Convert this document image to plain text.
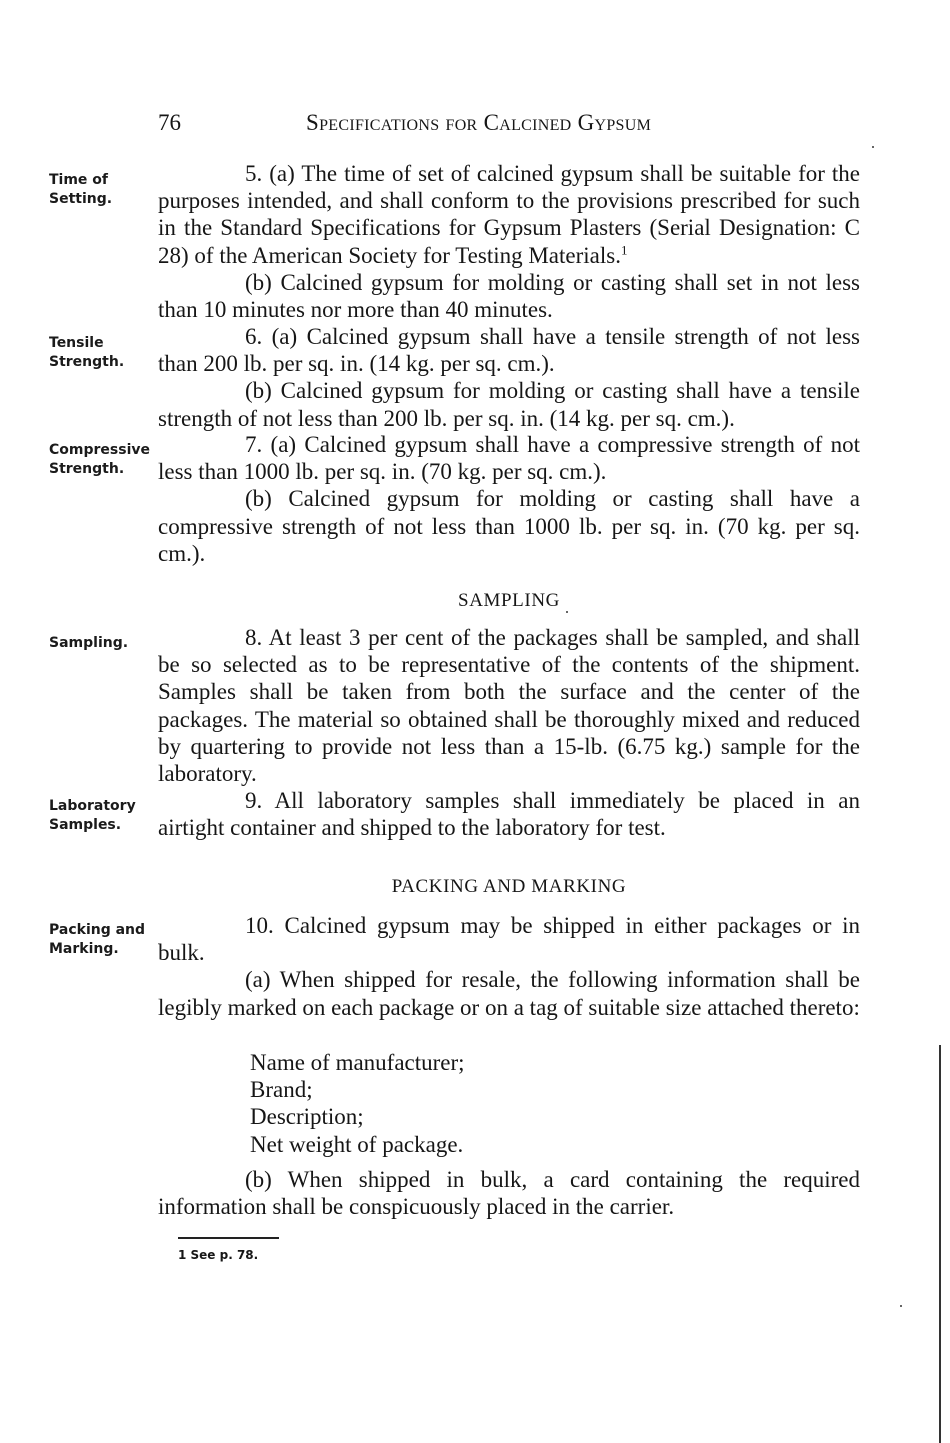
76	Specifications for Calcined Gypsum
Time of
Setting.
Tensile
Strength.
Compressive
Strength.
Sampling.
Laboratory
Samples.
Packing and
Marking.

5. (a) The time of set of calcined gypsum shall be suitable for the purposes intended, and shall conform to the provisions prescribed for such in the Standard Specifications for Gypsum Plasters (Serial Designation: C 28) of the American Society for Testing Materials.$^1$

(b) Calcined gypsum for molding or casting shall set in not less than 10 minutes nor more than 40 minutes.

6. (a) Calcined gypsum shall have a tensile strength of not less than 200 lb. per sq. in. (14 kg. per sq. cm.).

(b) Calcined gypsum for molding or casting shall have a tensile strength of not less than 200 lb. per sq. in. (14 kg. per sq. cm.).

7. (a) Calcined gypsum shall have a compressive strength of not less than 1000 lb. per sq. in. (70 kg. per sq. cm.).

(b) Calcined gypsum for molding or casting shall have a compressive strength of not less than 1000 lb. per sq. in. (70 kg. per sq. cm.).

SAMPLING

8. At least 3 per cent of the packages shall be sampled, and shall be so selected as to be representative of the contents of the shipment. Samples shall be taken from both the surface and the center of the packages. The material so obtained shall be thoroughly mixed and reduced by quartering to provide not less than a 15-lb. (6.75 kg.) sample for the laboratory.

9. All laboratory samples shall immediately be placed in an airtight container and shipped to the laboratory for test.

PACKING AND MARKING

10. Calcined gypsum may be shipped in either packages or in bulk.

(a) When shipped for resale, the following information shall be legibly marked on each package or on a tag of suitable size attached thereto:

Name of manufacturer;
Brand;
Description;
Net weight of package.

(b) When shipped in bulk, a card containing the required information shall be conspicuously placed in the carrier.

1 See p. 78.
